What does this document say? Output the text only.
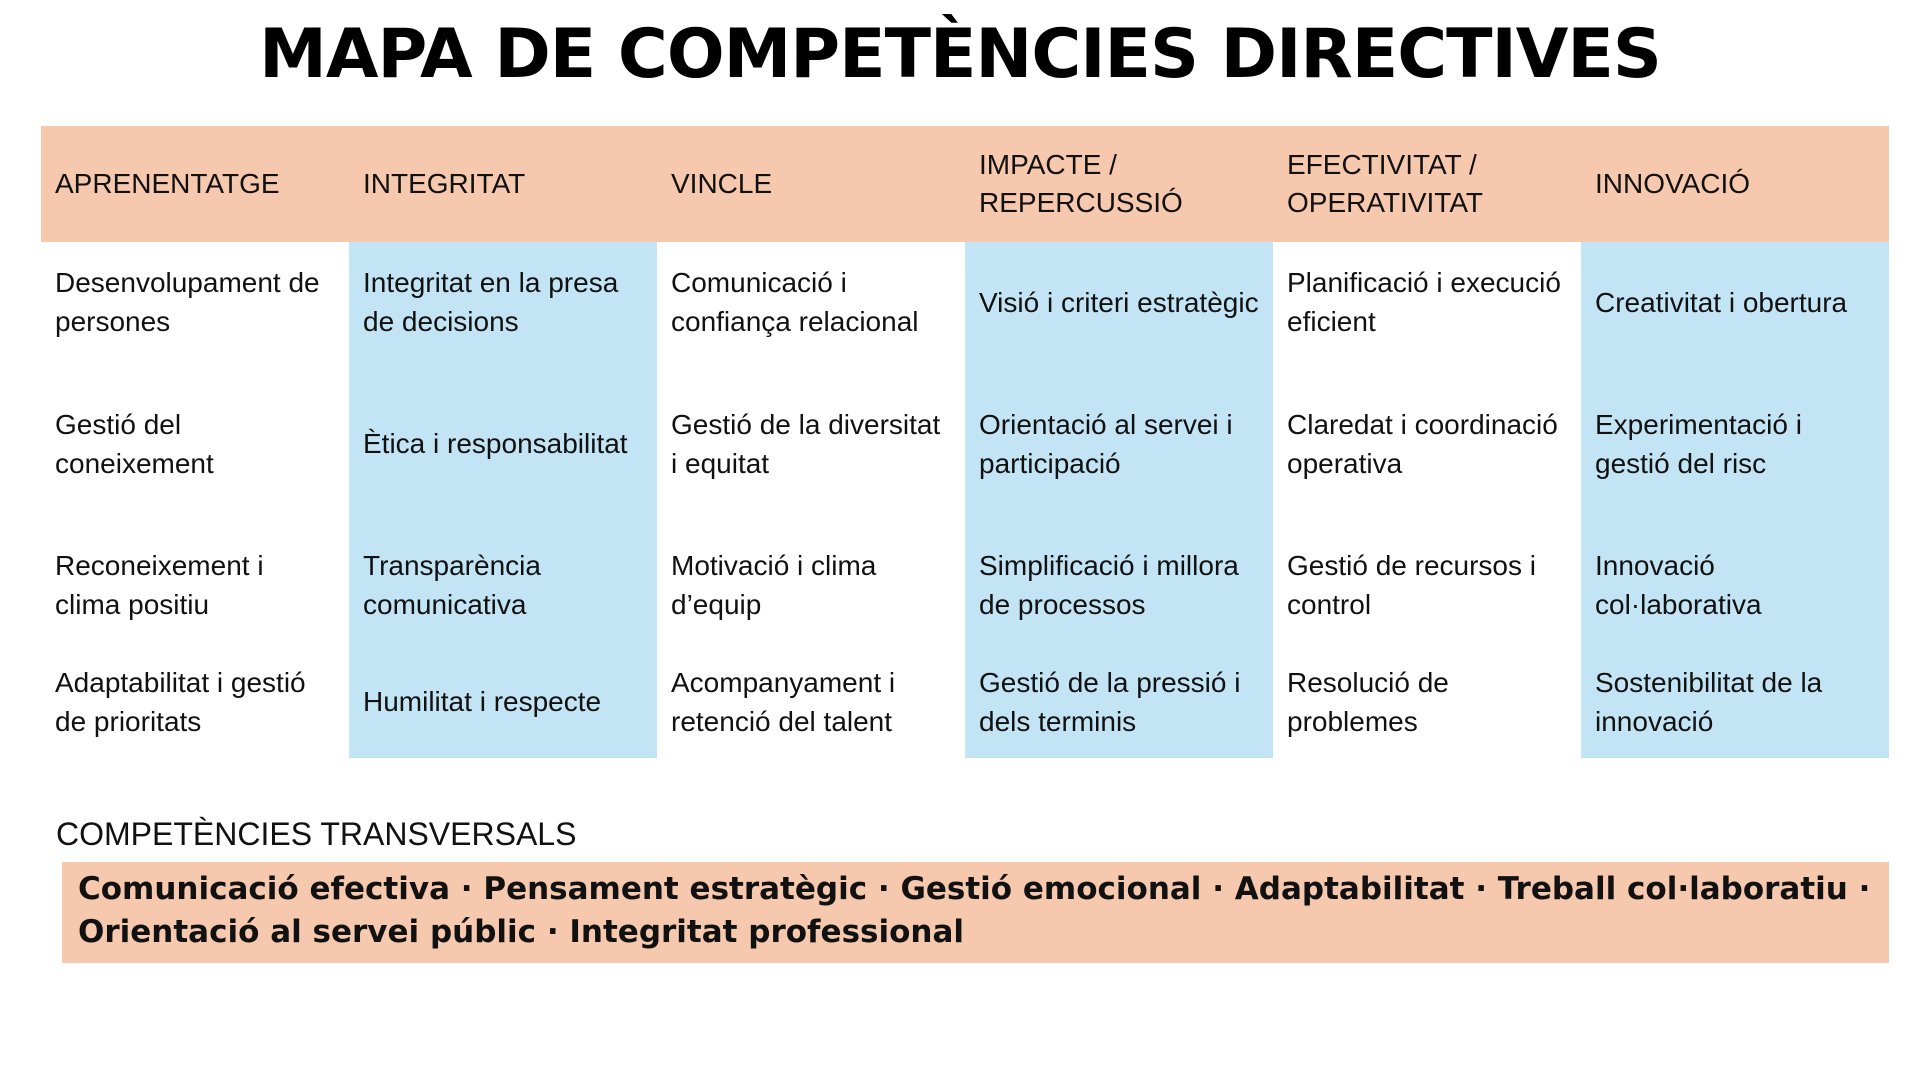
MAPA DE COMPETÈNCIES DIRECTIVES
APRENENTATGE	INTEGRITAT	VINCLE
IMPACTE / REPERCUSSIÓ
EFECTIVITAT / OPERATIVITAT
INNOVACIÓ
Desenvolupament de persones
Gestió del coneixement
Reconeixement i clima positiu
Adaptabilitat i gestió de prioritats
Integritat en la presa de decisions
Ètica i responsabilitat
Transparència comunicativa
Humilitat i respecte
Comunicació i confiança relacional
Gestió de la diversitat i equitat
Motivació i clima d’equip
Acompanyament i retenció del talent
Visió i criteri estratègic
Orientació al servei i participació
Simplificació i millora de processos
Gestió de la pressió i dels terminis
Planificació i execució eficient
Claredat i coordinació operativa
Gestió de recursos i control
Resolució de problemes
Creativitat i obertura
Experimentació i gestió del risc
Innovació col·laborativa
Sostenibilitat de la innovació
COMPETÈNCIES TRANSVERSALS
Comunicació efectiva · Pensament estratègic · Gestió emocional · Adaptabilitat · Treball col·laboratiu · Orientació al servei públic · Integritat professional
